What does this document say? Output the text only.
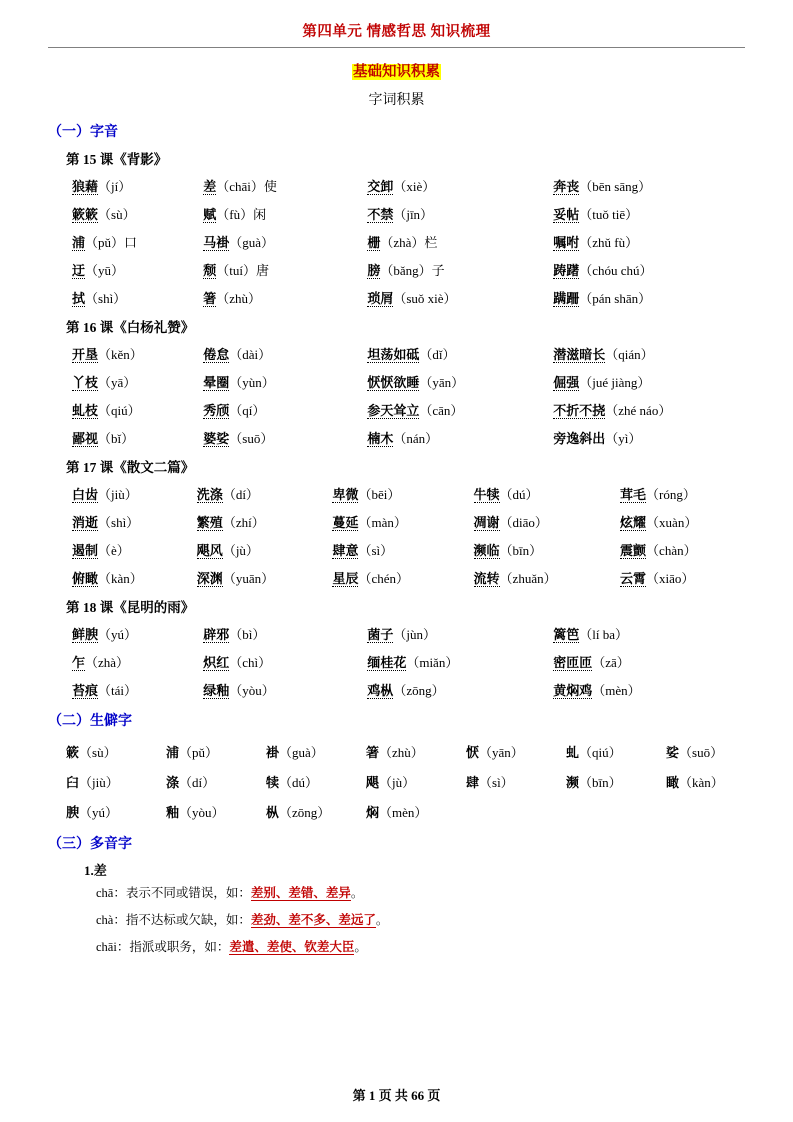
第四单元 情感哲思 知识梳理
基础知识积累
字词积累
（一）字音
第 15 课《背影》
狼藉（jí）	差（chāi）使	交卸（xiè）	奔丧（bēn sāng）
簌簌（sù）	赋（fù）闲	不禁（jīn）	妥帖（tuǒ tiē）
浦（pǔ）口	马褂（guà）	栅（zhà）栏	嘱咐（zhǔ fù）
迂（yū）	颓（tuí）唐	膀（bǎng）子	踌躇（chóu chú）
拭（shì）	箸（zhù）	琐屑（suǒ xiè）	蹒跚（pán shān）
第 16 课《白杨礼赞》
开垦（kěn）	倦怠（dài）	坦荡如砥（dǐ）	潜滋暗长（qián）
丫枝（yā）	晕圈（yùn）	恹恹欲睡（yān）	倔强（jué jiàng）
虬枝（qiú）	秀颀（qí）	参天耸立（cān）	不折不挠（zhé náo）
鄙视（bǐ）	婆娑（suō）	楠木（nán）	旁逸斜出（yì）
第 17 课《散文二篇》
白齿（jiù）	洗涤（dí）	卑微（bēi）	牛犊（dú）	茸毛（róng）
消逝（shì）	繁殖（zhí）	蔓延（màn）	凋谢（diāo）	炫耀（xuàn）
遏制（è）	飓风（jù）	肆意（sì）	濒临（bīn）	震颤（chàn）
俯瞰（kàn）	深渊（yuān）	星辰（chén）	流转（zhuǎn）	云霄（xiāo）
第 18 课《昆明的雨》
鲜腴（yú）	辟邪（bì）	菌子（jùn）	篱笆（lí ba）
乍（zhà）	炽红（chì）	缅桂花（miǎn）	密匝匝（zā）
苔痕（tái）	绿釉（yòu）	鸡枞（zōng）	黄焖鸡（mèn）
（二）生僻字
簌（sù）	浦（pǔ）	褂（guà）	箸（zhù）	恹（yān）	虬（qiú）	娑（suō）
臼（jiù）	涤（dí）	犊（dú）	飓（jù）	肆（sì）	濒（bīn）	瞰（kàn）
腴（yú）	釉（yòu）	枞（zōng）	焖（mèn）			
（三）多音字
1.差
chā：表示不同或错误，如：差别、差错、差异。
chà：指不达标或欠缺，如：差劲、差不多、差远了。
chāi：指派或职务，如：差遣、差使、钦差大臣。
第 1 页 共 66 页
